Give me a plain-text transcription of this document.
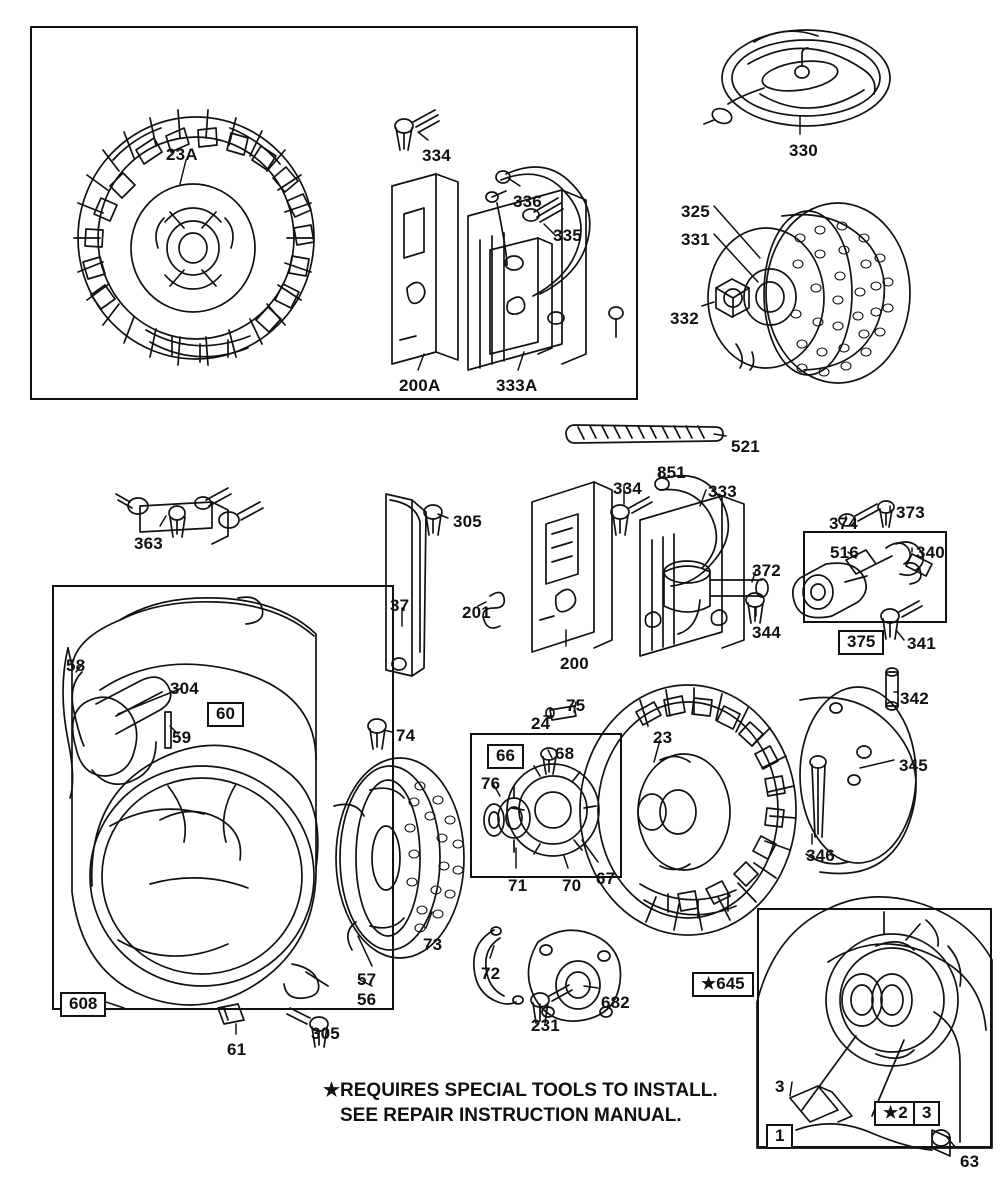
23A	334
336
335
330
325
331
332
200A	333A
521
851
334	333
363
305
37	201
200
372
344
374
373
516	340
375	341
342
58
304
60
59	74
75
24
23
345
346
66	68
76
71 70 67
73
57
56
72
682
231
608
61
305
★645
3
1
★2 3
63
★REQUIRES SPECIAL TOOLS TO INSTALL.
SEE REPAIR INSTRUCTION MANUAL.
